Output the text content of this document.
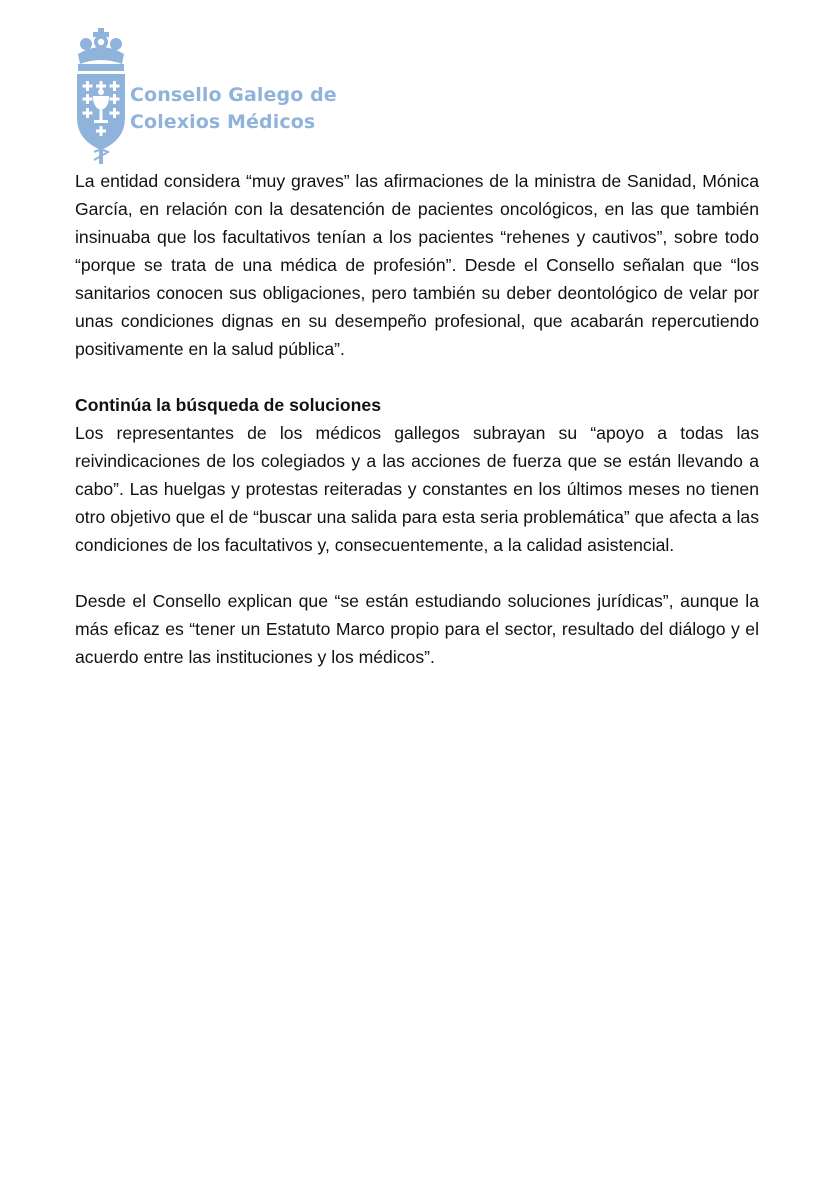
Consello Galego de
Colexios Médicos

La entidad considera “muy graves” las afirmaciones de la ministra de Sanidad, Mónica García, en relación con la desatención de pacientes oncológicos, en las que también insinuaba que los facultativos tenían a los pacientes “rehenes y cautivos”, sobre todo “porque se trata de una médica de profesión”. Desde el Consello señalan que “los sanitarios conocen sus obligaciones, pero también su deber deontológico de velar por unas condiciones dignas en su desempeño profesional, que acabarán repercutiendo positivamente en la salud pública”.

Continúa la búsqueda de soluciones

Los representantes de los médicos gallegos subrayan su “apoyo a todas las reivindicaciones de los colegiados y a las acciones de fuerza que se están llevando a cabo”. Las huelgas y protestas reiteradas y constantes en los últimos meses no tienen otro objetivo que el de “buscar una salida para esta seria problemática” que afecta a las condiciones de los facultativos y, consecuentemente, a la calidad asistencial.

Desde el Consello explican que “se están estudiando soluciones jurídicas”, aunque la más eficaz es “tener un Estatuto Marco propio para el sector, resultado del diálogo y el acuerdo entre las instituciones y los médicos”.
